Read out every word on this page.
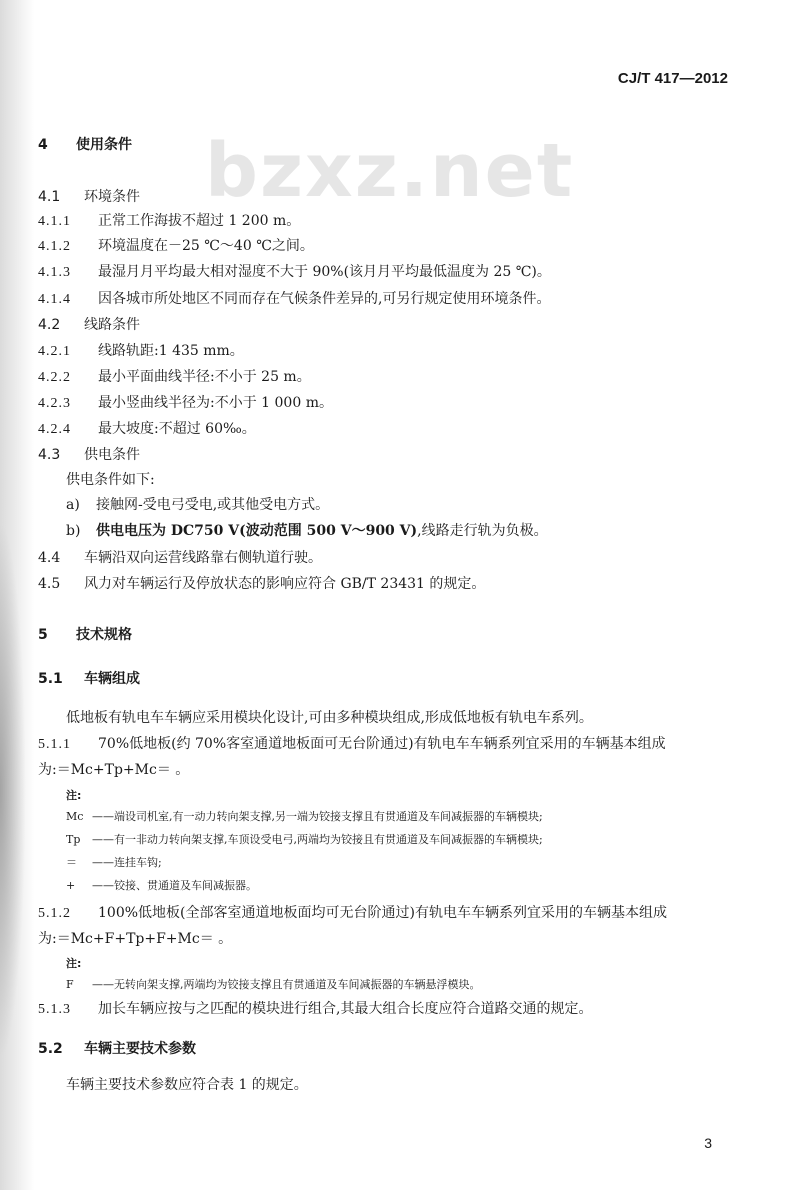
bzxz.net
CJ/T 417—2012
4 使用条件
4.1 环境条件
4.1.1 正常工作海拔不超过 1 200 m。
4.1.2 环境温度在－25 ℃～40 ℃之间。
4.1.3 最湿月月平均最大相对湿度不大于 90%(该月月平均最低温度为 25 ℃)。
4.1.4 因各城市所处地区不同而存在气候条件差异的,可另行规定使用环境条件。
4.2 线路条件
4.2.1 线路轨距:1 435 mm。
4.2.2 最小平面曲线半径:不小于 25 m。
4.2.3 最小竖曲线半径为:不小于 1 000 m。
4.2.4 最大坡度:不超过 60‰。
4.3 供电条件
供电条件如下:
a) 接触网-受电弓受电,或其他受电方式。
b) 供电电压为 DC750 V(波动范围 500 V～900 V),线路走行轨为负极。
4.4 车辆沿双向运营线路靠右侧轨道行驶。
4.5 风力对车辆运行及停放状态的影响应符合 GB/T 23431 的规定。
5 技术规格
5.1 车辆组成
低地板有轨电车车辆应采用模块化设计,可由多种模块组成,形成低地板有轨电车系列。
5.1.1 70%低地板(约 70%客室通道地板面可无台阶通过)有轨电车车辆系列宜采用的车辆基本组成
为:＝Mc+Tp+Mc＝ 。
注:
Mc ——端设司机室,有一动力转向架支撑,另一端为铰接支撑且有贯通道及车间减振器的车辆模块;
Tp ——有一非动力转向架支撑,车顶设受电弓,两端均为铰接且有贯通道及车间减振器的车辆模块;
＝ ——连挂车钩;
+ ——铰接、贯通道及车间减振器。
5.1.2 100%低地板(全部客室通道地板面均可无台阶通过)有轨电车车辆系列宜采用的车辆基本组成
为:＝Mc+F+Tp+F+Mc＝ 。
注:
F ——无转向架支撑,两端均为铰接支撑且有贯通道及车间减振器的车辆悬浮模块。
5.1.3 加长车辆应按与之匹配的模块进行组合,其最大组合长度应符合道路交通的规定。
5.2 车辆主要技术参数
车辆主要技术参数应符合表 1 的规定。
3
